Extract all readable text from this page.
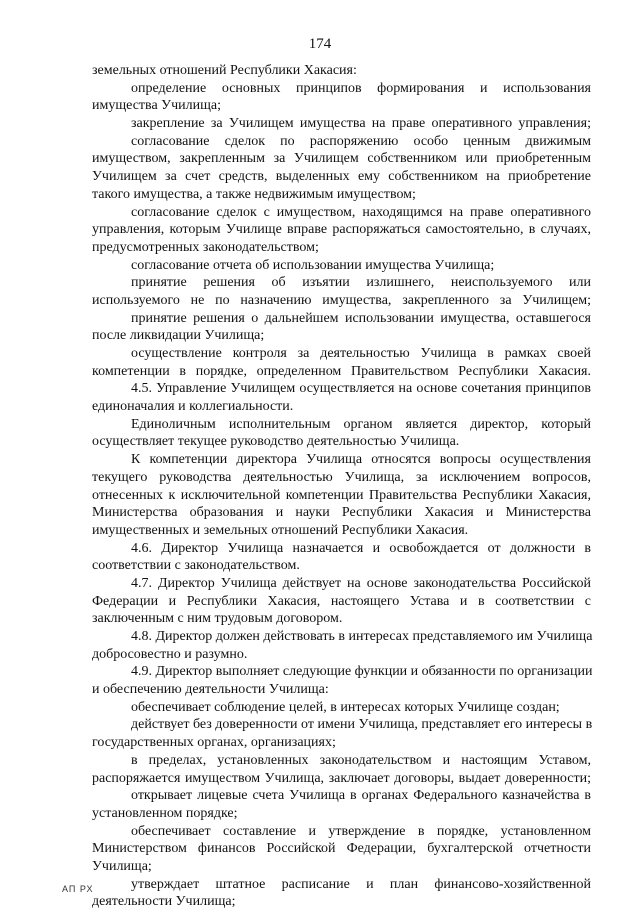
174
земельных отношений Республики Хакасия:
определение основных принципов формирования и использования
имущества Училища;
закрепление за Училищем имущества на праве оперативного управления;
согласование сделок по распоряжению особо ценным движимым
имуществом, закрепленным за Училищем собственником или приобретенным
Училищем за счет средств, выделенных ему собственником на приобретение
такого имущества, а также недвижимым имуществом;
согласование сделок с имуществом, находящимся на праве оперативного
управления, которым Училище вправе распоряжаться самостоятельно, в случаях,
предусмотренных законодательством;
согласование отчета об использовании имущества Училища;
принятие решения об изъятии излишнего, неиспользуемого или
используемого не по назначению имущества, закрепленного за Училищем;
принятие решения о дальнейшем использовании имущества, оставшегося
после ликвидации Училища;
осуществление контроля за деятельностью Училища в рамках своей
компетенции в порядке, определенном Правительством Республики Хакасия.
4.5. Управление Училищем осуществляется на основе сочетания принципов
единоначалия и коллегиальности.
Единоличным исполнительным органом является директор, который
осуществляет текущее руководство деятельностью Училища.
К компетенции директора Училища относятся вопросы осуществления
текущего руководства деятельностью Училища, за исключением вопросов,
отнесенных к исключительной компетенции Правительства Республики Хакасия,
Министерства образования и науки Республики Хакасия и Министерства
имущественных и земельных отношений Республики Хакасия.
4.6. Директор Училища назначается и освобождается от должности в
соответствии с законодательством.
4.7. Директор Училища действует на основе законодательства Российской
Федерации и Республики Хакасия, настоящего Устава и в соответствии с
заключенным с ним трудовым договором.
4.8. Директор должен действовать в интересах представляемого им Училища
добросовестно и разумно.
4.9. Директор выполняет следующие функции и обязанности по организации
и обеспечению деятельности Училища:
обеспечивает соблюдение целей, в интересах которых Училище создан;
действует без доверенности от имени Училища, представляет его интересы в
государственных органах, организациях;
в пределах, установленных законодательством и настоящим Уставом,
распоряжается имуществом Училища, заключает договоры, выдает доверенности;
открывает лицевые счета Училища в органах Федерального казначейства в
установленном порядке;
обеспечивает составление и утверждение в порядке, установленном
Министерством финансов Российской Федерации, бухгалтерской отчетности
Училища;
утверждает штатное расписание и план финансово-хозяйственной
деятельности Училища;
АП РХ
